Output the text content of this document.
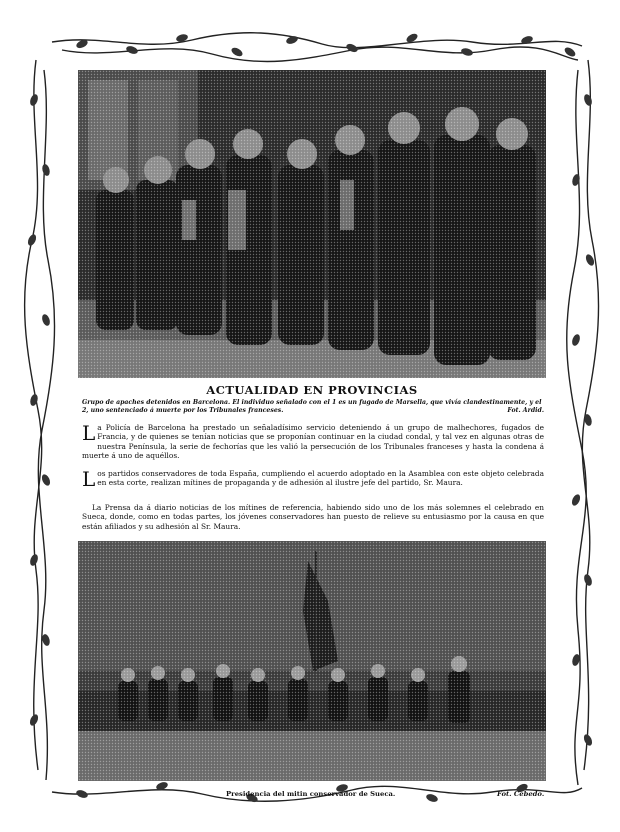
ACTUALIDAD EN PROVINCIAS
Grupo de apaches detenidos en Barcelona. El individuo señalado con el 1 es un fugado de Marsella, que vivía clandestinamente, y el 2, uno sentenciado á muerte por los Tribunales franceses.	Fot. Ardid.
La Policía de Barcelona ha prestado un señaladísimo servicio deteniendo á un grupo de malhechores, fugados de Francia, y de quienes se tenían noticias que se proponían continuar en la ciudad condal, y tal vez en algunas otras de nuestra Península, la serie de fechorías que les valió la persecución de los Tribunales franceses y hasta la condena á muerte á uno de aquéllos.
Los partidos conservadores de toda España, cumpliendo el acuerdo adoptado en la Asamblea con este objeto celebrada en esta corte, realizan mítines de propaganda y de adhesión al ilustre jefe del partido, Sr. Maura.
La Prensa da á diario noticias de los mítines de referencia, habiendo sido uno de los más solemnes el celebrado en Sueca, donde, como en todas partes, los jóvenes conservadores han puesto de relieve su entusiasmo por la causa en que están afiliados y su adhesión al Sr. Maura.
Presidencia del mitin conservador de Sueca.	Fot. Cebedo.
